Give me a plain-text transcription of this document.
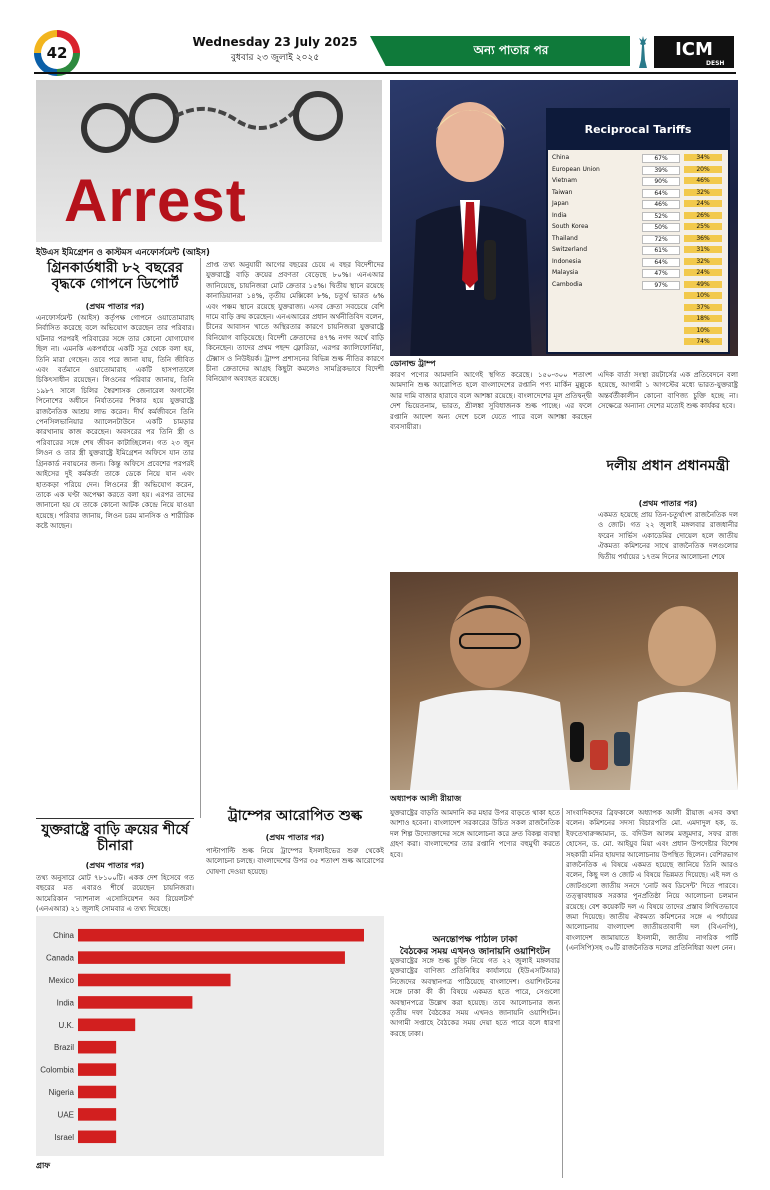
42
Wednesday 23 July 2025
বুধবার ২৩ জুলাই ২০২৫
অন্য পাতার পর	ICM
DESH
Arrest
ইউএস ইমিগ্রেশন ও কাস্টমস এনফোর্সমেন্ট (আইস)
গ্রিনকার্ডধারী ৮২ বছরের বৃদ্ধকে গোপনে ডিপোর্ট
(প্রথম পাতার পর)
এনফোর্সমেন্ট (আইস) কর্তৃপক্ষ গোপনে ওয়াতোমারাহ নির্বাসিত করেছে বলে অভিযোগ করেছেন তার পরিবার। ঘটনার পরপরই পরিবারের সঙ্গে তার কোনো যোগাযোগ ছিল না। এমনকি একপর্যায়ে একটি সূত্র থেকে বলা হয়, তিনি মারা গেছেন। তবে পরে জানা যায়, তিনি জীবিত এবং বর্তমানে ওয়াতোমারাহ একটি হাসপাতালে চিকিৎসাধীন রয়েছেন। লিওনের পরিবার জানায়, তিনি ১৯৮৭ সালে চিলির স্বৈরশাসক জেনারেল অগাস্টো পিনোশের অধীনে নির্যাতনের শিকার হয়ে যুক্তরাষ্ট্রে রাজনৈতিক আশ্রয় লাভ করেন। দীর্ঘ কর্মজীবনে তিনি পেনসিলভানিয়ার অ্যালেনটাউনে একটি চামড়ার কারখানায় কাজ করেছেন। অবসরের পর তিনি স্ত্রী ও পরিবারের সঙ্গে শেষ জীবন কাটাচ্ছিলেন। গত ২৩ জুন লিওন ও তার স্ত্রী যুক্তরাষ্ট্রে ইমিগ্রেশন অফিসে যান তার গ্রিনকার্ড নবায়নের জন্য। কিন্তু অফিসে প্রবেশের পরপরই আইসের দুই কর্মকর্তা তাকে ডেকে নিয়ে যান এবং হাতকড়া পরিয়ে দেন। লিওনের স্ত্রী অভিযোগ করেন, তাকে এক ঘণ্টা অপেক্ষা করতে বলা হয়। এরপর তাদের জানানো হয় যে তাকে কোনো আটক কেন্দ্রে নিয়ে যাওয়া হয়েছে। পরিবার জানায়, লিওন চরম মানসিক ও শারীরিক কষ্টে আছেন।
প্রাপ্ত তথ্য অনুযায়ী আগের বছরের চেয়ে এ বছর বিদেশীদের যুক্তরাষ্ট্রে বাড়ি ক্রয়ের প্রবণতা বেড়েছে ৮০%। এনএআর জানিয়েছে, চায়নিজরা মোট ক্রেতার ১৫%। দ্বিতীয় স্থানে রয়েছে কানাডিয়ানরা ১৪%, তৃতীয় মেক্সিকো ৮%, চতুর্থ ভারত ৬% এবং পঞ্চম স্থানে রয়েছে যুক্তরাজ্য। এসব ক্রেতা সবচেয়ে বেশি দামে বাড়ি ক্রয় করেছেন। এনএআরের প্রধান অর্থনীতিবিদ বলেন, চীনের আবাসন খাতে অস্থিরতার কারণে চায়নিজরা যুক্তরাষ্ট্রে বিনিয়োগ বাড়িয়েছে। বিদেশী ক্রেতাদের ৪৭% নগদ অর্থে বাড়ি কিনেছেন। তাদের প্রথম পছন্দ ফ্লোরিডা, এরপর ক্যালিফোর্নিয়া, টেক্সাস ও নিউইয়র্ক। ট্রাম্প প্রশাসনের বিভিন্ন শুল্ক নীতির কারণে চীনা ক্রেতাদের আগ্রহ কিছুটা কমলেও সামগ্রিকভাবে বিদেশী বিনিয়োগ অব্যাহত রয়েছে।
ট্রাম্পের আরোপিত শুল্ক
(প্রথম পাতার পর)
পাল্টাপাল্টি শুল্ক নিয়ে ট্রাম্পের ইসলাইভের শুরু থেকেই আলোচনা চলছে। বাংলাদেশের উপর ৩৫ শতাংশ শুল্ক আরোপের ঘোষণা দেওয়া হয়েছে।
যুক্তরাষ্ট্রে বাড়ি ক্রয়ের শীর্ষে চীনারা
(প্রথম পাতার পর)
তথ্য অনুসারে মোট ৭৮১০০টি। একক দেশ হিসেবে গত বছরের মত এবারও শীর্ষে রয়েছেন চায়নিজরা। আমেরিকান 'ন্যাশনাল এসোসিয়েশন অব রিয়েলটর্স' (এনএআর) ২১ জুলাই সোমবার এ তথ্য দিয়েছে।
China
Canada
Mexico
India
U.K.
Brazil
Colombia
Nigeria
UAE
Israel
গ্রাফ
Reciprocal Tariffs
China	67%	34%
European Union	39%	20%
Vietnam	90%	46%
Taiwan	64%	32%
Japan	46%	24%
India	52%	26%
South Korea	50%	25%
Thailand	72%	36%
Switzerland	61%	31%
Indonesia	64%	32%
Malaysia	47%	24%
Cambodia	97%	49%
10%
37%
18%
10%
74%
ডোনাল্ড ট্রাম্প
কারণ পণ্যের আমদানি আগেই স্থগিত করেছে। ১৫০-৩০০ শতাংশ আমদানি শুল্ক আরোপিত হলে বাংলাদেশের রপ্তানি পণ্য মার্কিন মুল্লুকে আর দামি বাজার হারাবে বলে আশঙ্কা রয়েছে। বাংলাদেশের মূল প্রতিদ্বন্দ্বী দেশ ভিয়েতনাম, ভারত, শ্রীলঙ্কা সুবিধাজনক শুল্ক পাচ্ছে। এর ফলে রপ্তানি আদেশ অন্য দেশে চলে যেতে পারে বলে আশঙ্কা করছেন ব্যবসায়ীরা।
এদিক বার্তা সংস্থা রয়টার্সের এক প্রতিবেদনে বলা হয়েছে, আগামী ১ আগস্টের মধ্যে ভারত-যুক্তরাষ্ট্র অন্তর্বর্তীকালীন কোনো বাণিজ্য চুক্তি হচ্ছে না। সেক্ষেত্রে অন্যান্য দেশের মতোই শুল্ক কার্যকর হবে।
দলীয় প্রধান প্রধানমন্ত্রী
(প্রথম পাতার পর)
একমত হয়েছে প্রায় তিন-চতুর্থাংশ রাজনৈতিক দল ও জোট। গত ২২ জুলাই মঙ্গলবার রাজধানীর ফরেন সার্ভিস একাডেমির দোয়েল হলে জাতীয় ঐকমত্য কমিশনের সাথে রাজনৈতিক দলগুলোর দ্বিতীয় পর্যায়ের ১৭তম দিনের আলোচনা শেষে
অধ্যাপক আলী রীয়াজ
যুক্তরাষ্ট্রের বাড়তি আমদানি কর মহার উপর বাড়তে থাকা হতে আশাও হবেনা। বাংলাদেশ সরকারের উচিত সকল রাজনৈতিক দল শিল্প উদ্যোক্তাদের সঙ্গে আলোচনা করে দ্রুত বিকল্প ব্যবস্থা গ্রহণ করা। বাংলাদেশের তার রপ্তানি পণ্যের বহুমুখী করতে হবে।
অনন্তোপক্ষ পাঠাল ঢাকা
বৈঠকের সময় এখনও জানায়নি ওয়াশিংটন
যুক্তরাষ্ট্রের সঙ্গে শুল্ক চুক্তি নিয়ে গত ২২ জুলাই মঙ্গলবার যুক্তরাষ্ট্রের বাণিজ্য প্রতিনিধির কার্যালয়ে (ইউএসটিআর) নিজেদের অবস্থানপত্র পাঠিয়েছে বাংলাদেশ। ওয়াশিংটনের সঙ্গে ঢাকা কী কী বিষয়ে একমত হতে পারে, সেগুলো অবস্থানপত্রে উল্লেখ করা হয়েছে। তবে আলোচনার জন্য তৃতীয় দফা বৈঠকের সময় এখনও জানায়নি ওয়াশিংটন। আগামী সপ্তাহে বৈঠকের সময় দেয়া হতে পারে বলে ধারণা করছে ঢাকা।
সাংবাদিকদের ব্রিফকালে অধ্যাপক আলী রীয়াজ এসব কথা বলেন। কমিশনের সদস্য বিচারপতি মো. এমদাদুল হক, ড. ইফতেখারুজ্জামান, ড. বদিউল আলম মজুমদার, সফর রাজ হোসেন, ড. মো. আইয়ুব মিয়া এবং প্রধান উপদেষ্টার বিশেষ সহকারী মনির হায়দার আলোচনায় উপস্থিত ছিলেন। বেশিরভাগ রাজনৈতিক এ বিষয়ে একমত হয়েছে জানিয়ে তিনি আরও বলেন, কিছু দল ও জোট এ বিষয়ে ভিন্নমত দিয়েছে। এই দল ও জোটগুলো জাতীয় সনদে 'নোট অব ডিসেন্ট' দিতে পারবে। তত্ত্বাবধায়ক সরকার পুনর্প্রতিষ্ঠা নিয়ে আলোচনা চলমান রয়েছে। বেশ কয়েকটি দল এ বিষয়ে তাদের প্রস্তাব লিখিতভাবে জমা দিয়েছে। জাতীয় ঐকমত্য কমিশনের সঙ্গে এ পর্যায়ের আলোচনায় বাংলাদেশ জাতীয়তাবাদী দল (বিএনপি), বাংলাদেশ জামায়াতে ইসলামী, জাতীয় নাগরিক পার্টি (এনসিপি)সহ ৩০টি রাজনৈতিক দলের প্রতিনিধিরা অংশ নেন।
